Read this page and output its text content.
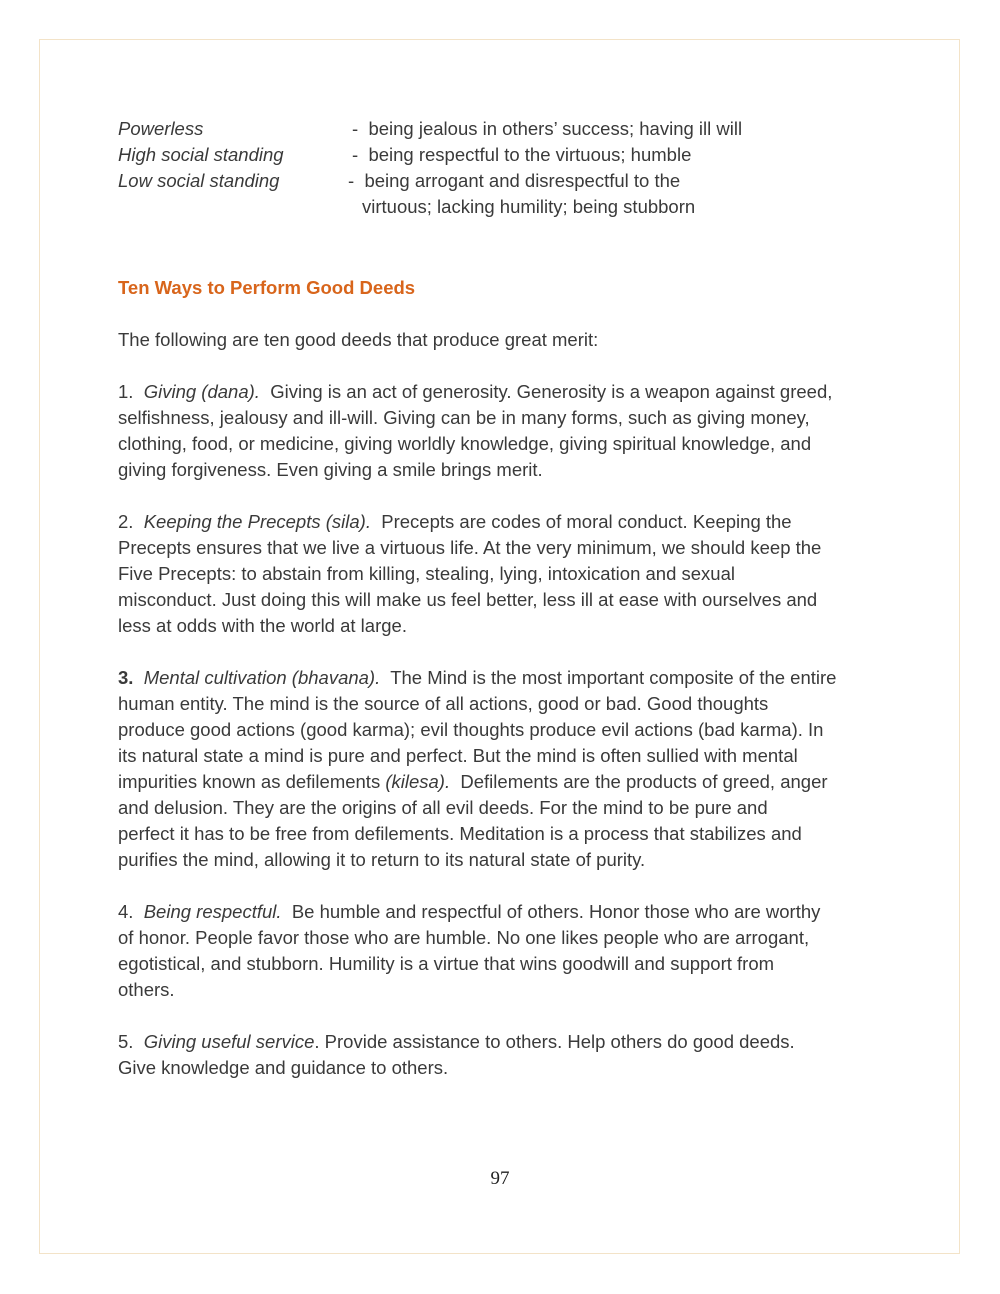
Powerless	- being jealous in others’ success; having ill will
High social standing	- being respectful to the virtuous; humble
Low social standing	- being arrogant and disrespectful to the
virtuous; lacking humility; being stubborn
Ten Ways to Perform Good Deeds

The following are ten good deeds that produce great merit:

1. Giving (dana). Giving is an act of generosity. Generosity is a weapon against greed,
selfishness, jealousy and ill-will. Giving can be in many forms, such as giving money,
clothing, food, or medicine, giving worldly knowledge, giving spiritual knowledge, and
giving forgiveness. Even giving a smile brings merit.

2. Keeping the Precepts (sila). Precepts are codes of moral conduct. Keeping the
Precepts ensures that we live a virtuous life. At the very minimum, we should keep the
Five Precepts: to abstain from killing, stealing, lying, intoxication and sexual
misconduct. Just doing this will make us feel better, less ill at ease with ourselves and
less at odds with the world at large.

3. Mental cultivation (bhavana). The Mind is the most important composite of the entire
human entity. The mind is the source of all actions, good or bad. Good thoughts
produce good actions (good karma); evil thoughts produce evil actions (bad karma). In
its natural state a mind is pure and perfect. But the mind is often sullied with mental
impurities known as defilements (kilesa). Defilements are the products of greed, anger
and delusion. They are the origins of all evil deeds. For the mind to be pure and
perfect it has to be free from defilements. Meditation is a process that stabilizes and
purifies the mind, allowing it to return to its natural state of purity.

4. Being respectful. Be humble and respectful of others. Honor those who are worthy
of honor. People favor those who are humble. No one likes people who are arrogant,
egotistical, and stubborn. Humility is a virtue that wins goodwill and support from
others.

5. Giving useful service. Provide assistance to others. Help others do good deeds.
Give knowledge and guidance to others.

97
